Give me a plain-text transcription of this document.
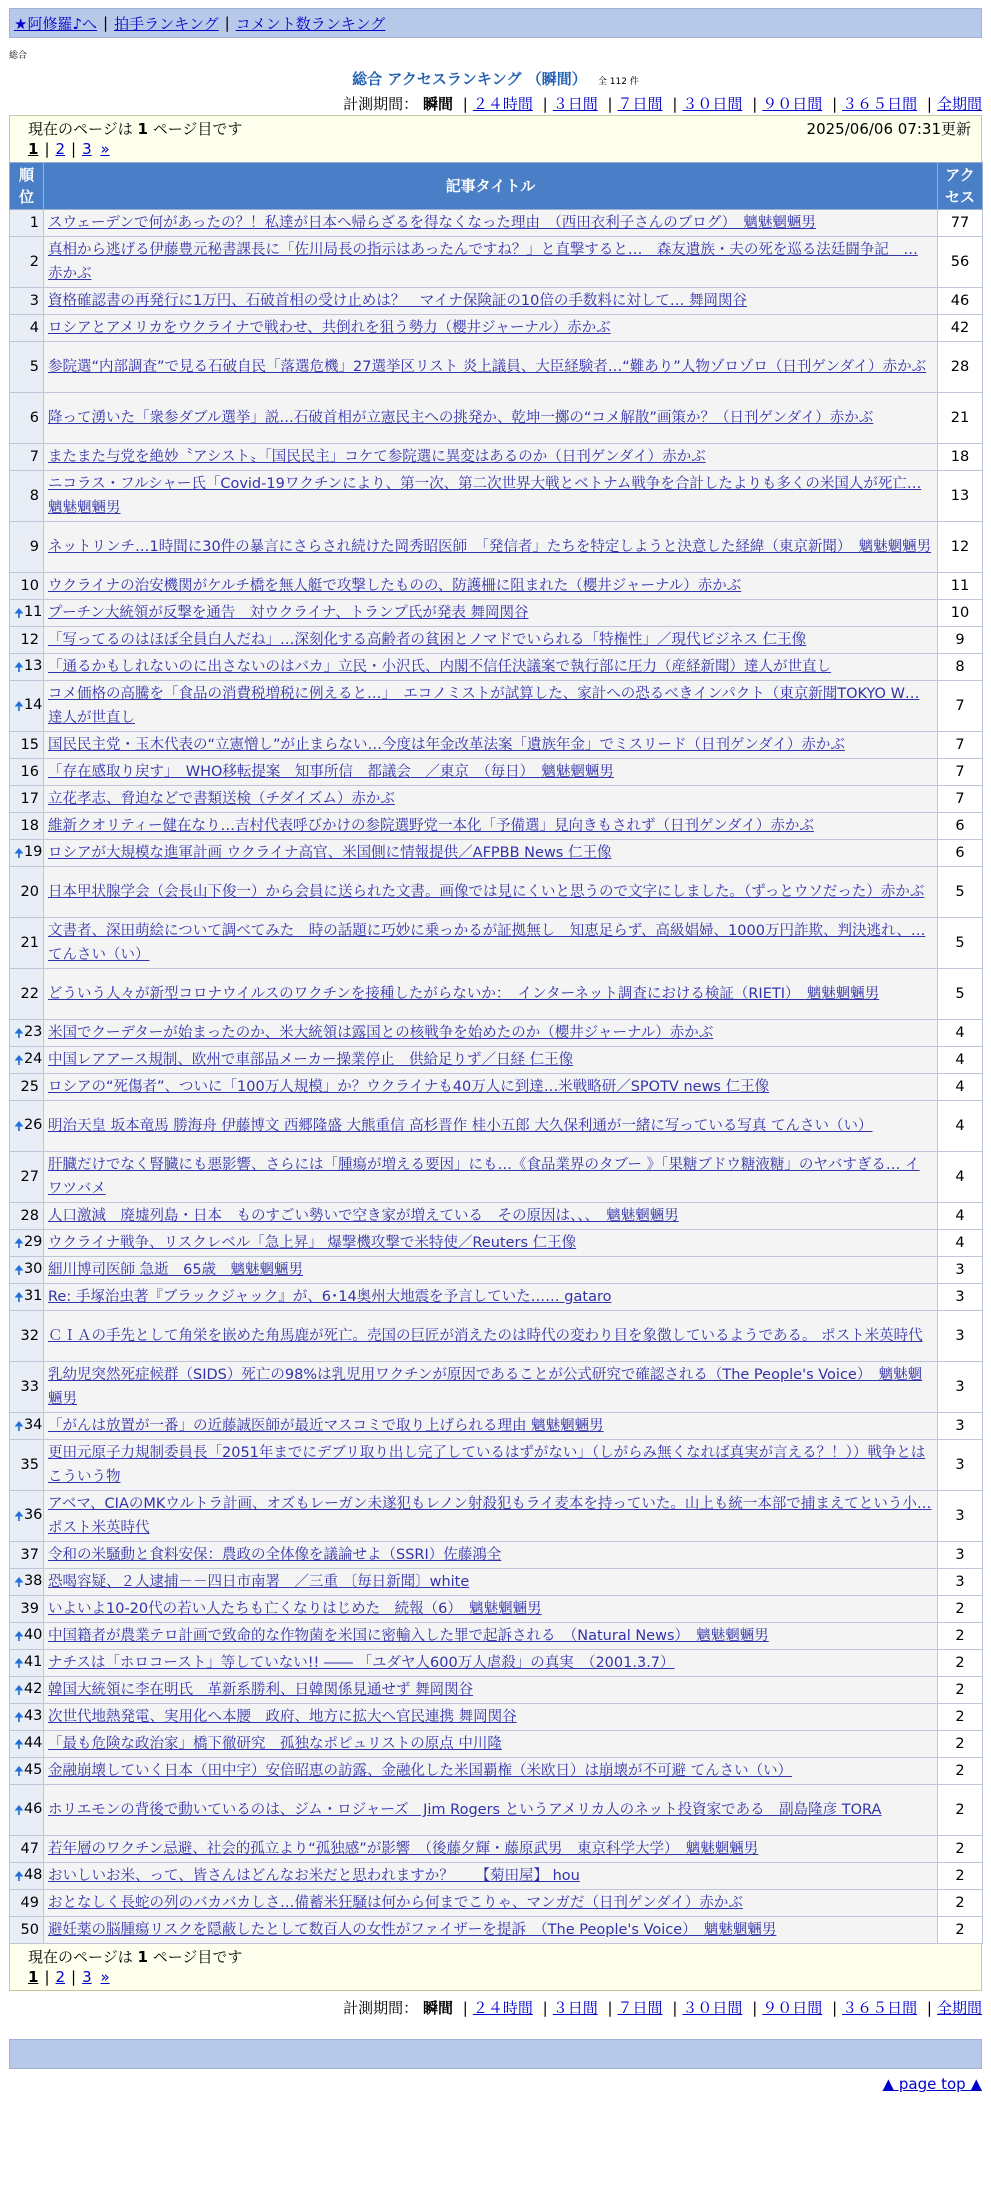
★阿修羅♪へ | 拍手ランキング | コメント数ランキング
総合
総合 アクセスランキング （瞬間） 全 112 件
計測期間： 瞬間 | ２４時間 | ３日間 | ７日間 | ３０日間 | ９０日間 | ３６５日間 | 全期間
現在のページは 1 ページ目です	2025/06/06 07:31更新
1 | 2 | 3 »
順位	記事タイトル	アクセス
1	スウェーデンで何があったの？！私達が日本へ帰らざるを得なくなった理由　（西田衣利子さんのブログ）　魑魅魍魎男	77
2	真相から逃げる伊藤豊元秘書課長に「佐川局長の指示はあったんですね？」と直撃すると…　森友遺族・夫の死を巡る法廷闘争記　… 赤かぶ	56
3	資格確認書の再発行に1万円、石破首相の受け止めは？　マイナ保険証の10倍の手数料に対して… 舞岡関谷	46
4	ロシアとアメリカをウクライナで戦わせ、共倒れを狙う勢力（櫻井ジャーナル）赤かぶ	42
5	参院選“内部調査”で見る石破自民「落選危機」27選挙区リスト 炎上議員、大臣経験者…“難あり”人物ゾロゾロ（日刊ゲンダイ）赤かぶ	28
6	降って湧いた「衆参ダブル選挙」説…石破首相が立憲民主への挑発か、乾坤一擲の“コメ解散”画策か？（日刊ゲンダイ）赤かぶ	21
7	またまた与党を絶妙〝アシスト〟「国民民主」コケて参院選に異変はあるのか（日刊ゲンダイ）赤かぶ	18
8	ニコラス・フルシャー氏「Covid-19ワクチンにより、第一次、第二次世界大戦とベトナム戦争を合計したよりも多くの米国人が死亡… 魑魅魍魎男	13
9	ネットリンチ…1時間に30件の暴言にさらされ続けた岡秀昭医師　「発信者」たちを特定しようと決意した経緯（東京新聞）　魑魅魍魎男	12
10	ウクライナの治安機関がケルチ橋を無人艇で攻撃したものの、防護柵に阻まれた（櫻井ジャーナル）赤かぶ	11

🠉 11	プーチン大統領が反撃を通告　対ウクライナ、トランプ氏が発表 舞岡関谷	10
12	「写ってるのはほぼ全員白人だね」…深刻化する高齢者の貧困とノマドでいられる「特権性」／現代ビジネス 仁王像	9

🠉 13	「通るかもしれないのに出さないのはバカ」立民・小沢氏、内閣不信任決議案で執行部に圧力（産経新聞）達人が世直し	8

🠉 14	コメ価格の高騰を「食品の消費税増税に例えると…」　エコノミストが試算した、家計への恐るべきインパクト（東京新聞TOKYO W… 達人が世直し	7
15	国民民主党・玉木代表の“立憲憎し”が止まらない…今度は年金改革法案「遺族年金」でミスリード（日刊ゲンダイ）赤かぶ	7
16	「存在感取り戻す」　WHO移転提案　知事所信　都議会　／東京　（毎日）　魑魅魍魎男	7
17	立花孝志、脅迫などで書類送検（チダイズム）赤かぶ	7
18	維新クオリティー健在なり…吉村代表呼びかけの参院選野党一本化「予備選」見向きもされず（日刊ゲンダイ）赤かぶ	6

🠉 19	ロシアが大規模な進軍計画 ウクライナ高官、米国側に情報提供／AFPBB News 仁王像	6
20	日本甲状腺学会（会長山下俊一）から会員に送られた文書。画像では見にくいと思うので文字にしました。（ずっとウソだった）赤かぶ	5
21	文書者、深田萌絵について調べてみた　時の話題に巧妙に乗っかるが証拠無し　知恵足らず、高級娼婦、1000万円詐欺、判決逃れ、… てんさい（い）	5
22	どういう人々が新型コロナウイルスのワクチンを接種したがらないか：　インターネット調査における検証（RIETI）　魑魅魍魎男	5

🠉 23	米国でクーデターが始まったのか、米大統領は露国との核戦争を始めたのか（櫻井ジャーナル）赤かぶ	4

🠉 24	中国レアアース規制、欧州で車部品メーカー操業停止　供給足りず／日経 仁王像	4
25	ロシアの“死傷者”、ついに「100万人規模」か？ウクライナも40万人に到達…米戦略研／SPOTV news 仁王像	4

🠉 26	明治天皇 坂本竜馬 勝海舟 伊藤博文 西郷隆盛 大熊重信 高杉晋作 桂小五郎 大久保利通が一緒に写っている写真 てんさい（い）	4
27	肝臓だけでなく腎臓にも悪影響、さらには「腫瘍が増える要因」にも…《食品業界のタブー 》「果糖ブドウ糖液糖」のヤバすぎる… イワツバメ	4
28	人口激減　廃墟列島・日本　ものすごい勢いで空き家が増えている　その原因は、、、　魑魅魍魎男	4

🠉 29	ウクライナ戦争、リスクレベル「急上昇」 爆撃機攻撃で米特使／Reuters 仁王像	4

🠉 30	細川博司医師 急逝　65歳　魑魅魍魎男	3

🠉 31	Re: 手塚治虫著『ブラックジャック』が、6･14奥州大地震を予言していた…… gataro	3
32	ＣＩＡの手先として角栄を嵌めた角馬鹿が死亡。売国の巨匠が消えたのは時代の変わり目を象徴しているようである。 ポスト米英時代	3
33	乳幼児突然死症候群（SIDS）死亡の98%は乳児用ワクチンが原因であることが公式研究で確認される（The People's Voice）　魑魅魍魎男	3

🠉 34	「がんは放置が一番」の近藤誠医師が最近マスコミで取り上げられる理由 魑魅魍魎男	3
35	更田元原子力規制委員長「2051年までにデブリ取り出し完了しているはずがない」（しがらみ無くなれば真実が言える？！））戦争とはこういう物	3

🠉 36	アベマ、CIAのMKウルトラ計画、オズもレーガン未遂犯もレノン射殺犯もライ麦本を持っていた。山上も統一本部で捕まえてという小… ポスト米英時代	3
37	令和の米騒動と食料安保：農政の全体像を議論せよ（SSRI）佐藤鴻全	3

🠉 38	恐喝容疑、２人逮捕－－四日市南署　／三重 〔毎日新聞〕white	3
39	いよいよ10-20代の若い人たちも亡くなりはじめた　続報（6）　魑魅魍魎男	2

🠉 40	中国籍者が農業テロ計画で致命的な作物菌を米国に密輸入した罪で起訴される　（Natural News）　魑魅魍魎男	2

🠉 41	ナチスは「ホロコースト」等していない!! ―― 「ユダヤ人600万人虐殺」の真実　（2001.3.7）	2

🠉 42	韓国大統領に李在明氏　革新系勝利、日韓関係見通せず 舞岡関谷	2

🠉 43	次世代地熱発電、実用化へ本腰　政府、地方に拡大へ官民連携 舞岡関谷	2

🠉 44	「最も危険な政治家」橋下徹研究　孤独なポピュリストの原点 中川隆	2

🠉 45	金融崩壊していく日本（田中宇）安倍昭恵の訪露、金融化した米国覇権（米欧日）は崩壊が不可避 てんさい（い）	2

🠉 46	ホリエモンの背後で動いているのは、ジム・ロジャーズ　Jim Rogers というアメリカ人のネット投資家である　副島隆彦 TORA	2
47	若年層のワクチン忌避、社会的孤立より“孤独感”が影響　（後藤夕輝・藤原武男　東京科学大学）　魑魅魍魎男	2

🠉 48	おいしいお米、って、皆さんはどんなお米だと思われますか？　　【菊田屋】 hou	2
49	おとなしく長蛇の列のバカバカしさ…備蓄米狂騒は何から何までこりゃ、マンガだ（日刊ゲンダイ）赤かぶ	2
50	避妊薬の脳腫瘍リスクを隠蔽したとして数百人の女性がファイザーを提訴　（The People's Voice）　魑魅魍魎男	2
現在のページは 1 ページ目です
1 | 2 | 3 »
計測期間： 瞬間 | ２４時間 | ３日間 | ７日間 | ３０日間 | ９０日間 | ３６５日間 | 全期間
▲ page top ▲
